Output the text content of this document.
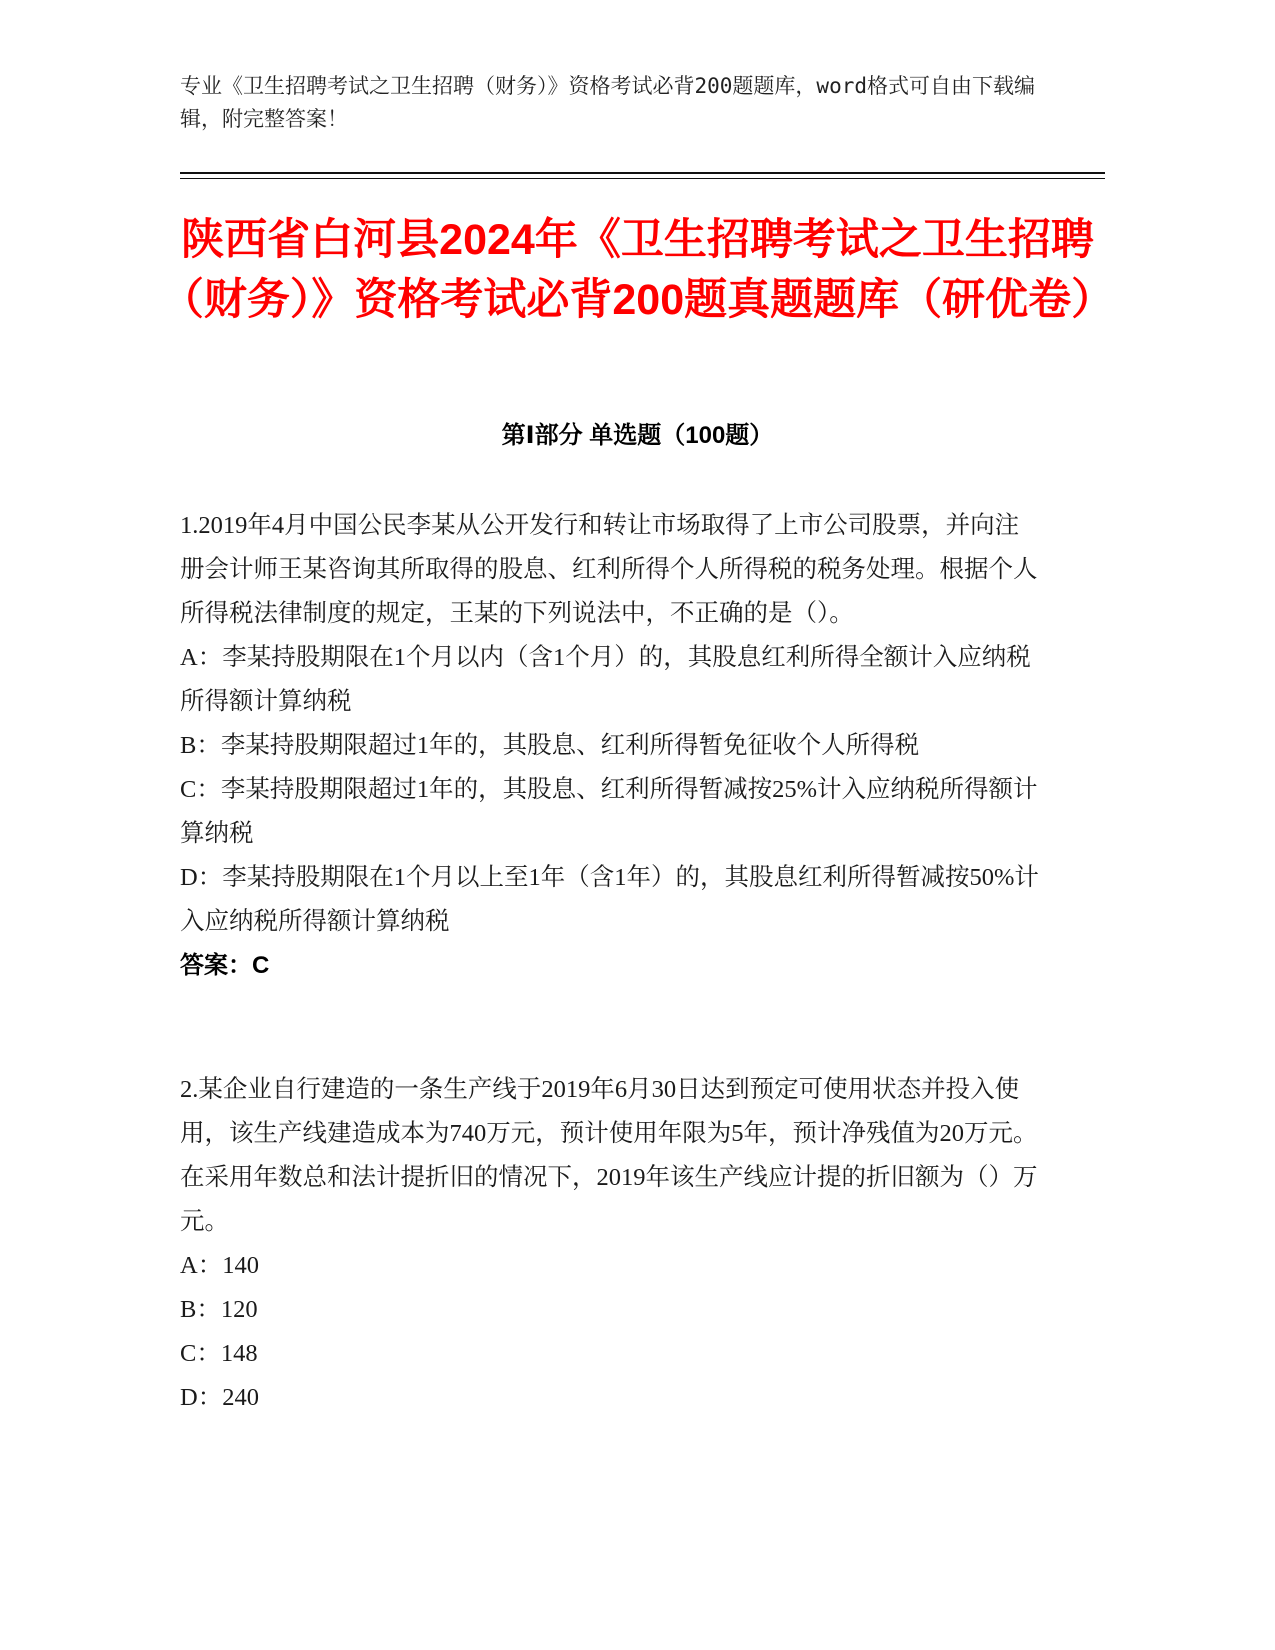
专业《卫生招聘考试之卫生招聘（财务）》资格考试必背200题题库，word格式可自由下载编辑，附完整答案！
陕西省白河县2024年《卫生招聘考试之卫生招聘（财务）》资格考试必背200题真题题库（研优卷）
第Ⅰ部分 单选题（100题）
1.2019年4月中国公民李某从公开发行和转让市场取得了上市公司股票，并向注册会计师王某咨询其所取得的股息、红利所得个人所得税的税务处理。根据个人所得税法律制度的规定，王某的下列说法中，不正确的是（）。
A：李某持股期限在1个月以内（含1个月）的，其股息红利所得全额计入应纳税所得额计算纳税
B：李某持股期限超过1年的，其股息、红利所得暂免征收个人所得税
C：李某持股期限超过1年的，其股息、红利所得暂减按25%计入应纳税所得额计算纳税
D：李某持股期限在1个月以上至1年（含1年）的，其股息红利所得暂减按50%计入应纳税所得额计算纳税
答案：C
2.某企业自行建造的一条生产线于2019年6月30日达到预定可使用状态并投入使用，该生产线建造成本为740万元，预计使用年限为5年，预计净残值为20万元。在采用年数总和法计提折旧的情况下，2019年该生产线应计提的折旧额为（）万元。
A：140
B：120
C：148
D：240
